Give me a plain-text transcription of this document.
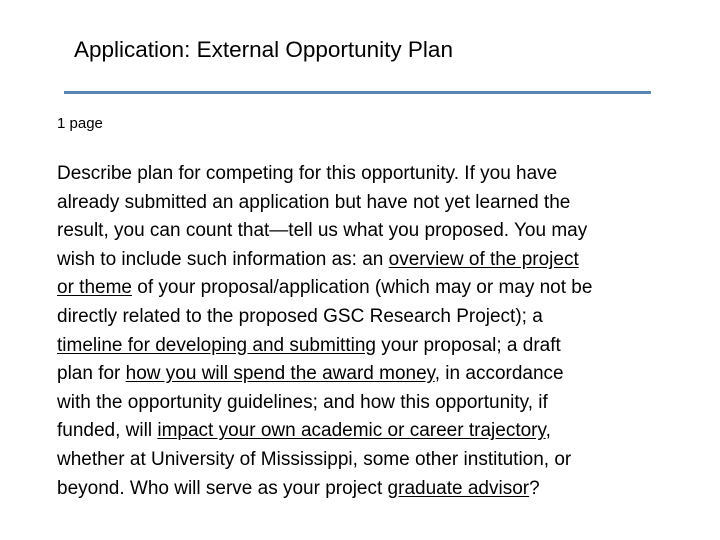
Application: External Opportunity Plan
1 page
Describe plan for competing for this opportunity. If you have
already submitted an application but have not yet learned the
result, you can count that—tell us what you proposed. You may
wish to include such information as: an overview of the project
or theme of your proposal/application (which may or may not be
directly related to the proposed GSC Research Project); a
timeline for developing and submitting your proposal; a draft
plan for how you will spend the award money, in accordance
with the opportunity guidelines; and how this opportunity, if
funded, will impact your own academic or career trajectory,
whether at University of Mississippi, some other institution, or
beyond. Who will serve as your project graduate advisor?
